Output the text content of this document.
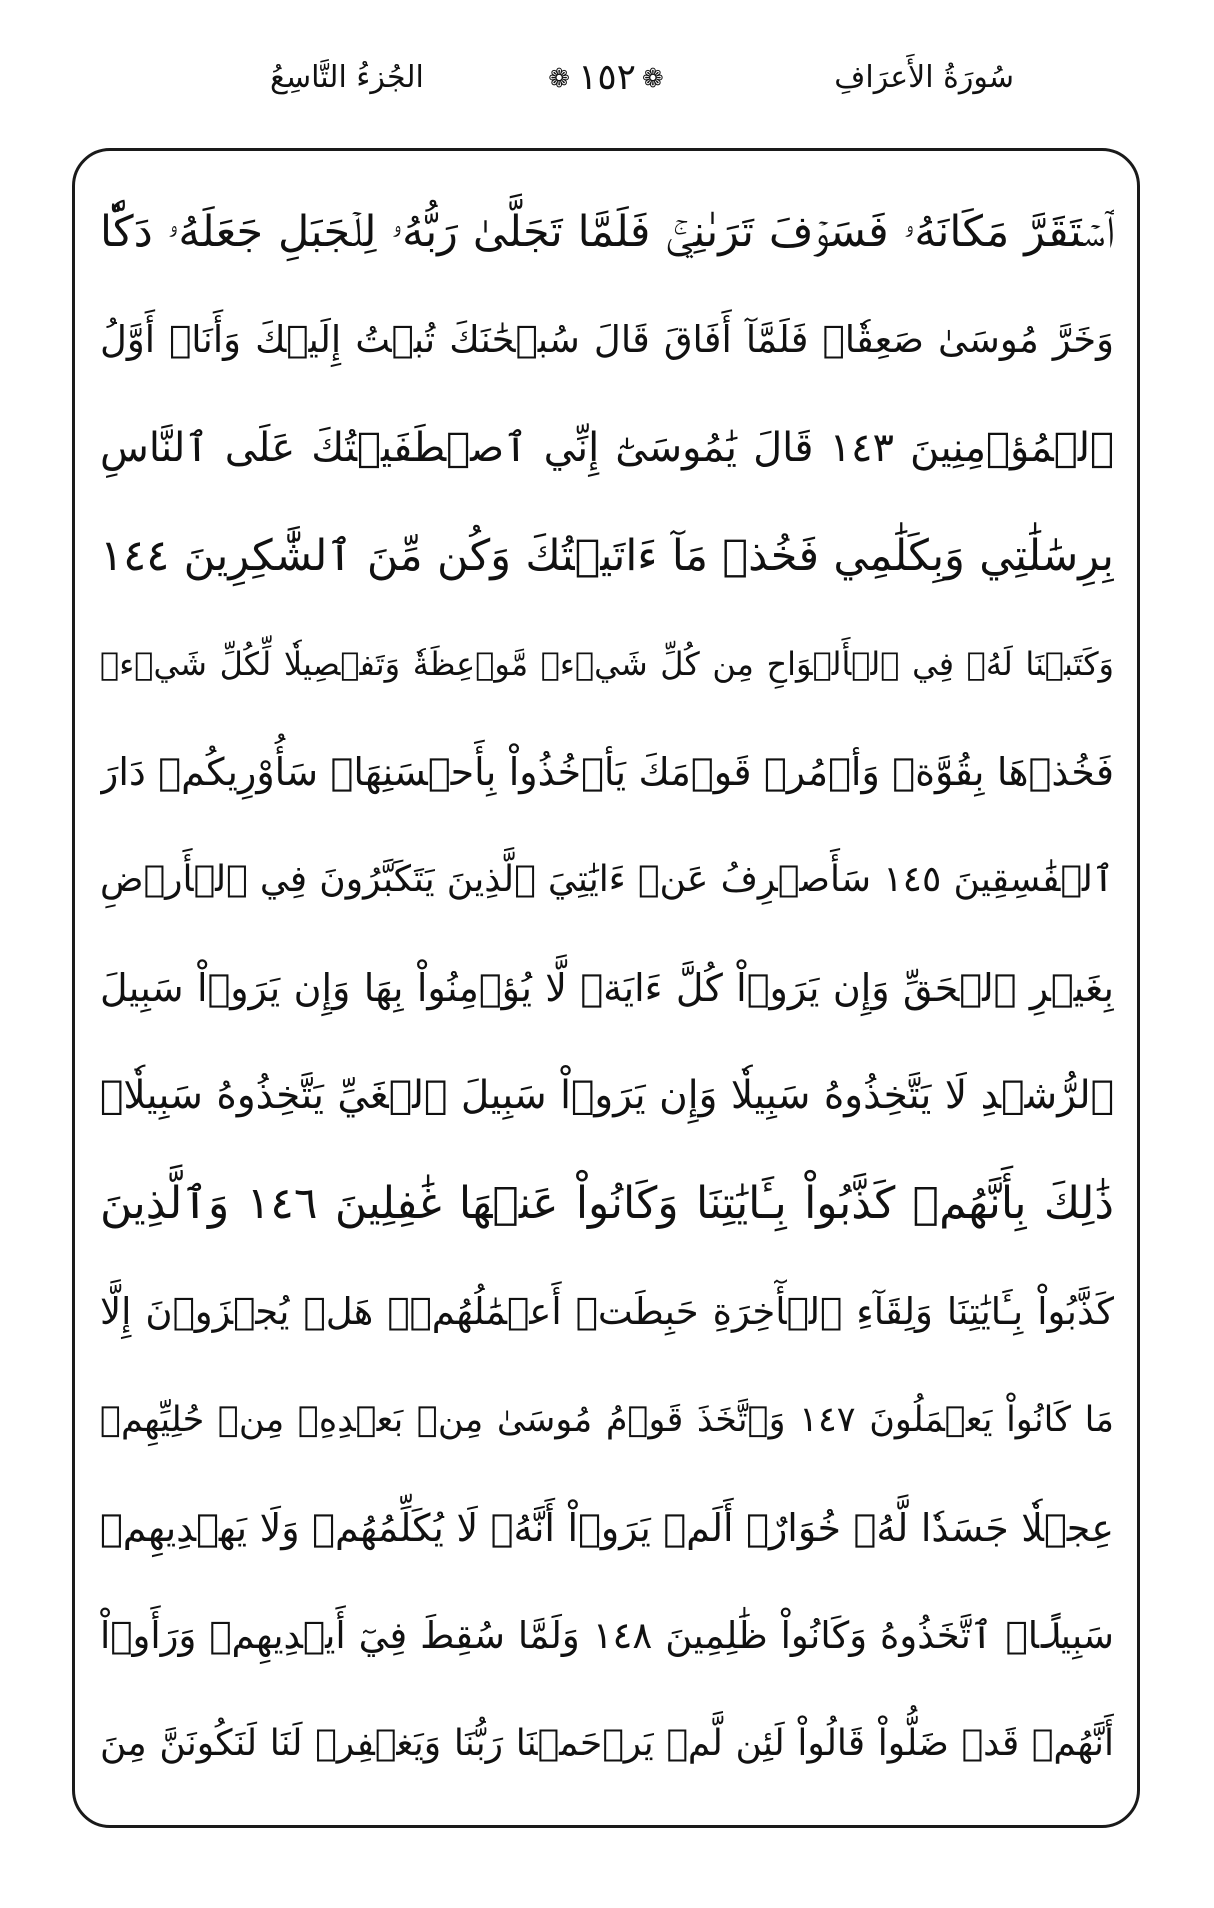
سُورَةُ الأَعرَافِ
❁١٥٢❁
الجُزءُ التَّاسِعُ
ٱسۡتَقَرَّ مَكَانَهُۥ فَسَوۡفَ تَرَىٰنِيۚ فَلَمَّا تَجَلَّىٰ رَبُّهُۥ لِلۡجَبَلِ جَعَلَهُۥ دَكّٗا
وَخَرَّ مُوسَىٰ صَعِقٗاۚ فَلَمَّآ أَفَاقَ قَالَ سُبۡحَٰنَكَ تُبۡتُ إِلَيۡكَ وَأَنَا۠ أَوَّلُ
ٱلۡمُؤۡمِنِينَ ١٤٣ قَالَ يَٰمُوسَىٰٓ إِنِّي ٱصۡطَفَيۡتُكَ عَلَى ٱلنَّاسِ
بِرِسَٰلَٰتِي وَبِكَلَٰمِي فَخُذۡ مَآ ءَاتَيۡتُكَ وَكُن مِّنَ ٱلشَّٰكِرِينَ ١٤٤
وَكَتَبۡنَا لَهُۥ فِي ٱلۡأَلۡوَاحِ مِن كُلِّ شَيۡءٖ مَّوۡعِظَةٗ وَتَفۡصِيلٗا لِّكُلِّ شَيۡءٖ
فَخُذۡهَا بِقُوَّةٖ وَأۡمُرۡ قَوۡمَكَ يَأۡخُذُواْ بِأَحۡسَنِهَاۚ سَأُوْرِيكُمۡ دَارَ
ٱلۡفَٰسِقِينَ ١٤٥ سَأَصۡرِفُ عَنۡ ءَايَٰتِيَ ٱلَّذِينَ يَتَكَبَّرُونَ فِي ٱلۡأَرۡضِ
بِغَيۡرِ ٱلۡحَقِّ وَإِن يَرَوۡاْ كُلَّ ءَايَةٖ لَّا يُؤۡمِنُواْ بِهَا وَإِن يَرَوۡاْ سَبِيلَ
ٱلرُّشۡدِ لَا يَتَّخِذُوهُ سَبِيلٗا وَإِن يَرَوۡاْ سَبِيلَ ٱلۡغَيِّ يَتَّخِذُوهُ سَبِيلٗاۚ
ذَٰلِكَ بِأَنَّهُمۡ كَذَّبُواْ بِـَٔايَٰتِنَا وَكَانُواْ عَنۡهَا غَٰفِلِينَ ١٤٦ وَٱلَّذِينَ
كَذَّبُواْ بِـَٔايَٰتِنَا وَلِقَآءِ ٱلۡأٓخِرَةِ حَبِطَتۡ أَعۡمَٰلُهُمۡۚ هَلۡ يُجۡزَوۡنَ إِلَّا
مَا كَانُواْ يَعۡمَلُونَ ١٤٧ وَٱتَّخَذَ قَوۡمُ مُوسَىٰ مِنۢ بَعۡدِهِۦ مِنۡ حُلِيِّهِمۡ
عِجۡلٗا جَسَدٗا لَّهُۥ خُوَارٌۚ أَلَمۡ يَرَوۡاْ أَنَّهُۥ لَا يُكَلِّمُهُمۡ وَلَا يَهۡدِيهِمۡ
سَبِيلًاۘ ٱتَّخَذُوهُ وَكَانُواْ ظَٰلِمِينَ ١٤٨ وَلَمَّا سُقِطَ فِيٓ أَيۡدِيهِمۡ وَرَأَوۡاْ
أَنَّهُمۡ قَدۡ ضَلُّواْ قَالُواْ لَئِن لَّمۡ يَرۡحَمۡنَا رَبُّنَا وَيَغۡفِرۡ لَنَا لَنَكُونَنَّ مِنَ
